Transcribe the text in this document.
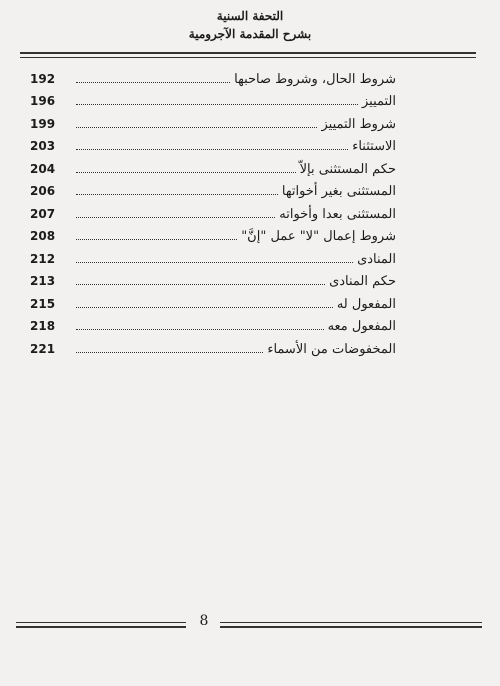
التحفة السنية
بشرح المقدمة الآجرومية
192	شروط الحال، وشروط صاحبها
196	التمييز
199	شروط التمييز
203	الاستثناء
204	حكم المستثنى بإلاّ
206	المستثنى بغير أخواتها
207	المستثنى بعدا وأخواته
208	شروط إعمال "لا" عمل "إنَّ"
212	المنادى
213	حكم المنادى
215	المفعول له
218	المفعول معه
221	المخفوضات من الأسماء
8
